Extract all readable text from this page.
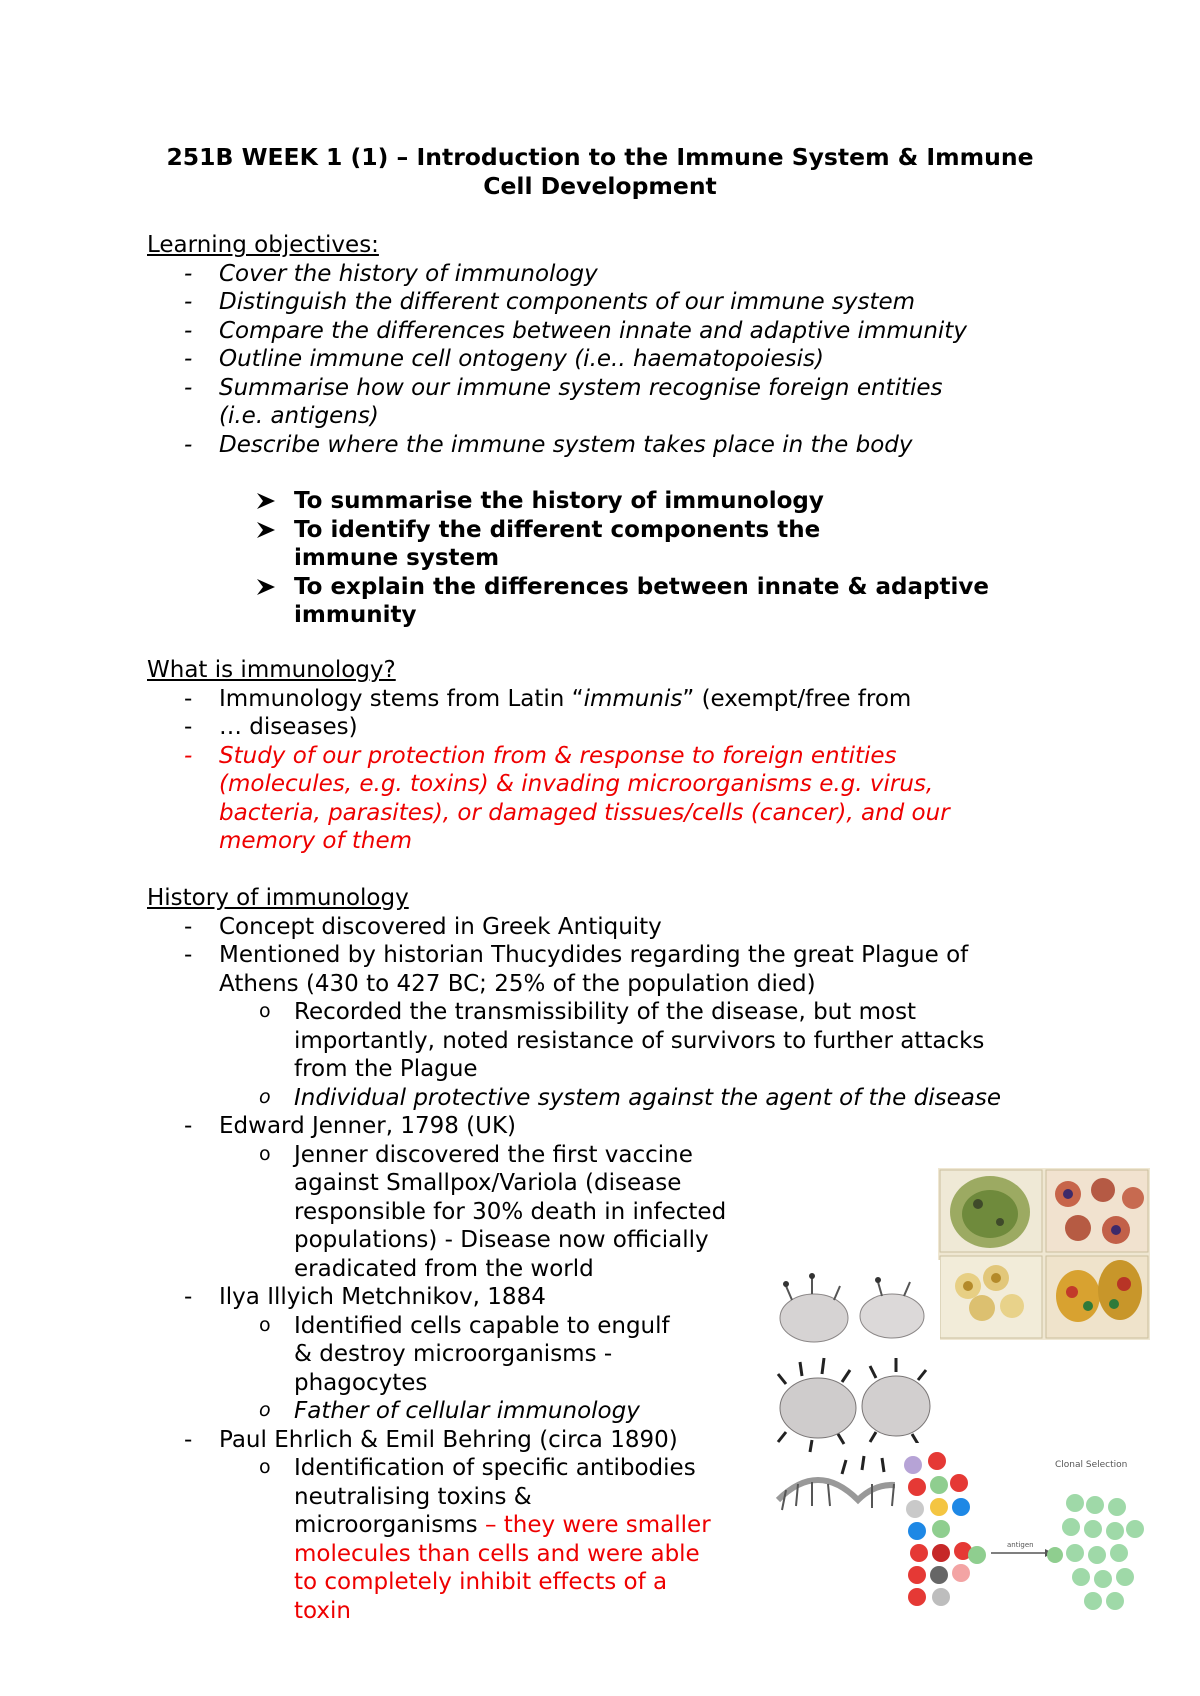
251B WEEK 1 (1) – Introduction to the Immune System & Immune Cell Development
Learning objectives:
- Cover the history of immunology
- Distinguish the different components of our immune system
- Compare the differences between innate and adaptive immunity
- Outline immune cell ontogeny (i.e.. haematopoiesis)
- Summarise how our immune system recognise foreign entities (i.e. antigens)
- Describe where the immune system takes place in the body
To summarise the history of immunology
To identify the different components the immune system
To explain the differences between innate & adaptive immunity
What is immunology?
- Immunology stems from Latin “immunis” (exempt/free from
- … diseases)
- Study of our protection from & response to foreign entities (molecules, e.g. toxins) & invading microorganisms e.g. virus, bacteria, parasites), or damaged tissues/cells (cancer), and our memory of them
History of immunology
- Concept discovered in Greek Antiquity
- Mentioned by historian Thucydides regarding the great Plague of Athens (430 to 427 BC; 25% of the population died)
o Recorded the transmissibility of the disease, but most importantly, noted resistance of survivors to further attacks from the Plague
o Individual protective system against the agent of the disease
- Edward Jenner, 1798 (UK)
o Jenner discovered the first vaccine against Smallpox/Variola (disease responsible for 30% death in infected populations) - Disease now officially eradicated from the world
- Ilya Illyich Metchnikov, 1884
o Identified cells capable to engulf & destroy microorganisms - phagocytes
o Father of cellular immunology
- Paul Ehrlich & Emil Behring (circa 1890)
o Identification of specific antibodies neutralising toxins & microorganisms – they were smaller molecules than cells and were able to completely inhibit effects of a toxin
antigen
Clonal Selection
